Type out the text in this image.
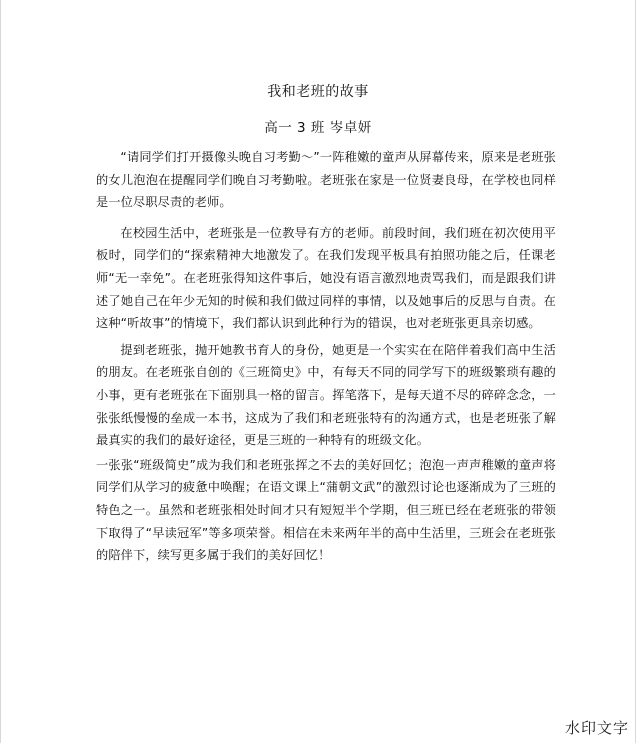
我和老班的故事
高一 3 班 岑卓妍

“请同学们打开摄像头晚自习考勤～”一阵稚嫩的童声从屏幕传来，原来是老班张的女儿泡泡在提醒同学们晚自习考勤啦。老班张在家是一位贤妻良母，在学校也同样是一位尽职尽责的老师。

在校园生活中，老班张是一位教导有方的老师。前段时间，我们班在初次使用平板时，同学们的“探索精神大地激发了。在我们发现平板具有拍照功能之后，任课老师“无一幸免”。在老班张得知这件事后，她没有语言激烈地责骂我们，而是跟我们讲述了她自己在年少无知的时候和我们做过同样的事情，以及她事后的反思与自责。在这种“听故事”的情境下，我们都认识到此种行为的错误，也对老班张更具亲切感。

提到老班张，抛开她教书育人的身份，她更是一个实实在在陪伴着我们高中生活的朋友。在老班张自创的《三班简史》中，有每天不同的同学写下的班级繁琐有趣的小事，更有老班张在下面别具一格的留言。挥笔落下，是每天道不尽的碎碎念念，一张张纸慢慢的垒成一本书，这成为了我们和老班张特有的沟通方式，也是老班张了解最真实的我们的最好途径，更是三班的一种特有的班级文化。

一张张“班级简史”成为我们和老班张挥之不去的美好回忆；泡泡一声声稚嫩的童声将同学们从学习的疲惫中唤醒；在语文课上“蒲朝文武”的激烈讨论也逐渐成为了三班的特色之一。虽然和老班张相处时间才只有短短半个学期，但三班已经在老班张的带领下取得了“早读冠军”等多项荣誉。相信在未来两年半的高中生活里，三班会在老班张的陪伴下，续写更多属于我们的美好回忆！

水印文字
